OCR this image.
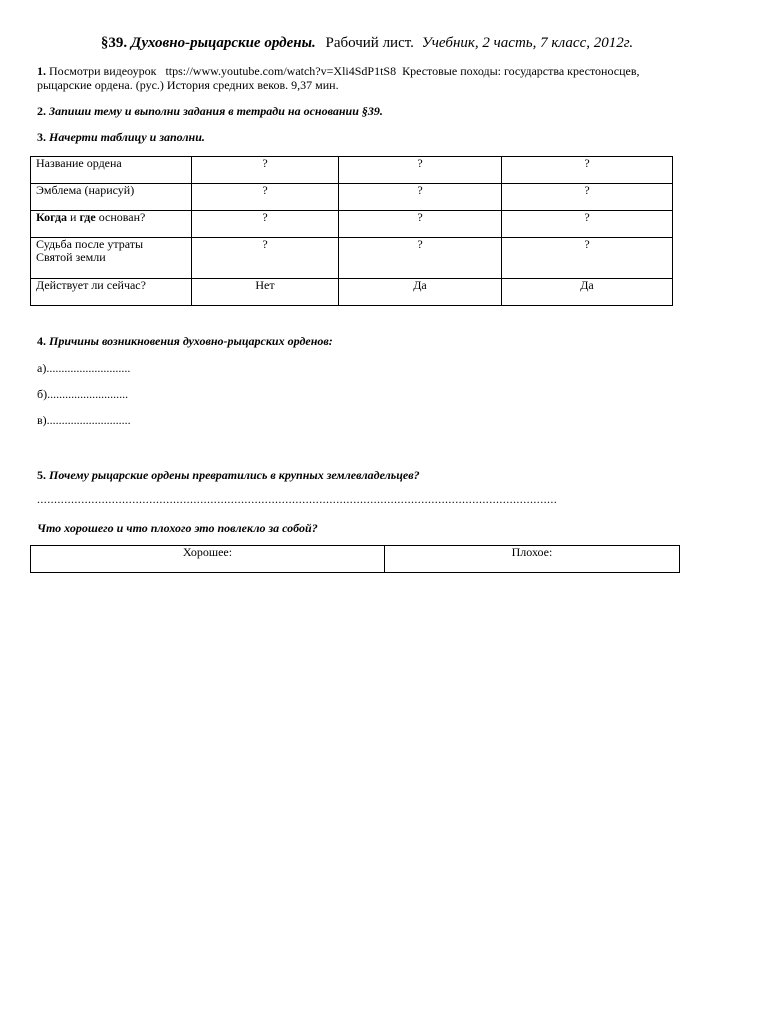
§39. Духовно-рыцарские ордены. Рабочий лист. Учебник, 2 часть, 7 класс, 2012г.
1. Посмотри видеоурок ttps://www.youtube.com/watch?v=Xli4SdP1tS8 Крестовые походы: государства крестоносцев,
рыцарские ордена. (рус.) История средних веков. 9,37 мин.
2. Запиши тему и выполни задания в тетради на основании §39.
3. Начерти таблицу и заполни.
Название ордена	?	?	?
Эмблема (нарисуй)	?	?	?
Когда и где основан?	?	?	?

Судьба после утраты
Святой земли	?	?	?
Действует ли сейчас?	Нет	Да	Да
4. Причины возникновения духовно-рыцарских орденов:
а)............................
б)...........................
в)............................
5. Почему рыцарские ордены превратились в крупных землевладельцев?
.........................................................................................................................................................
Что хорошего и что плохого это повлекло за собой?
Хорошее:	Плохое:
